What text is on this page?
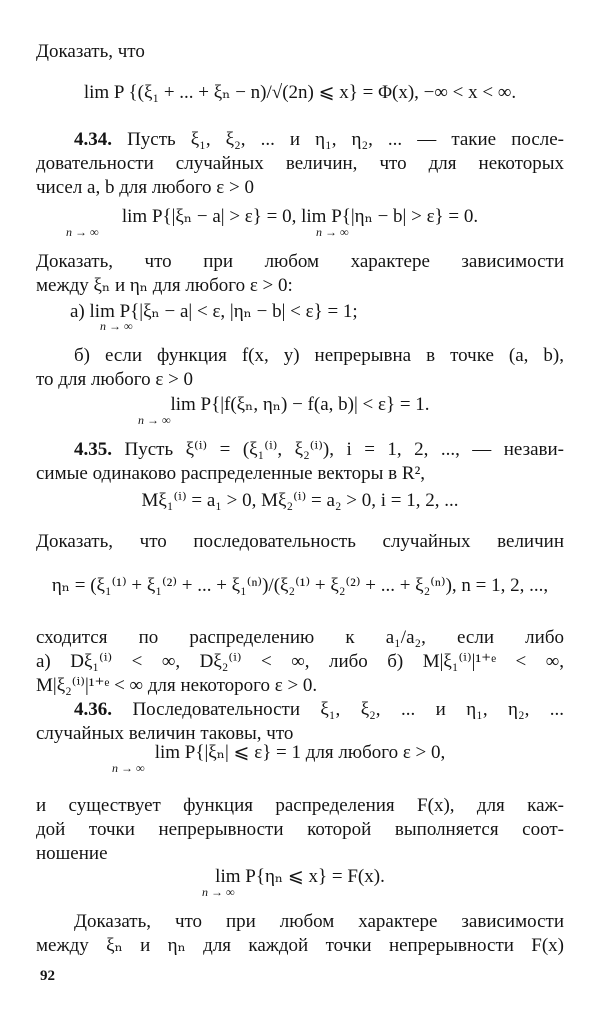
Доказать, что
lim P {(ξ₁ + ... + ξₙ − n)/√(2n) ⩽ x} = Φ(x), −∞ < x < ∞.
4.34. Пусть ξ₁, ξ₂, ... и η₁, η₂, ... — такие после-
довательности случайных величин, что для некоторых
чисел a, b для любого ε > 0
lim P{|ξₙ − a| > ε} = 0, lim P{|ηₙ − b| > ε} = 0.
n → ∞	n → ∞
Доказать, что при любом характере зависимости
между ξₙ и ηₙ для любого ε > 0:
а) lim P{|ξₙ − a| < ε, |ηₙ − b| < ε} = 1;
n → ∞
б) если функция f(x, y) непрерывна в точке (a, b),
то для любого ε > 0
lim P{|f(ξₙ, ηₙ) − f(a, b)| < ε} = 1.
n → ∞
4.35. Пусть ξ⁽ⁱ⁾ = (ξ₁⁽ⁱ⁾, ξ₂⁽ⁱ⁾), i = 1, 2, ..., — незави-
симые одинаково распределенные векторы в R²,
Mξ₁⁽ⁱ⁾ = a₁ > 0, Mξ₂⁽ⁱ⁾ = a₂ > 0, i = 1, 2, ...
Доказать, что последовательность случайных величин
ηₙ = (ξ₁⁽¹⁾ + ξ₁⁽²⁾ + ... + ξ₁⁽ⁿ⁾)/(ξ₂⁽¹⁾ + ξ₂⁽²⁾ + ... + ξ₂⁽ⁿ⁾), n = 1, 2, ...,
сходится по распределению к a₁/a₂, если либо
а) Dξ₁⁽ⁱ⁾ < ∞, Dξ₂⁽ⁱ⁾ < ∞, либо б) M|ξ₁⁽ⁱ⁾|¹⁺ᵉ < ∞,
M|ξ₂⁽ⁱ⁾|¹⁺ᵉ < ∞ для некоторого ε > 0.
4.36. Последовательности ξ₁, ξ₂, ... и η₁, η₂, ...
случайных величин таковы, что
lim P{|ξₙ| ⩽ ε} = 1 для любого ε > 0,
n → ∞
и существует функция распределения F(x), для каж-
дой точки непрерывности которой выполняется соот-
ношение
lim P{ηₙ ⩽ x} = F(x).
n → ∞
Доказать, что при любом характере зависимости
между ξₙ и ηₙ для каждой точки непрерывности F(x)
92
